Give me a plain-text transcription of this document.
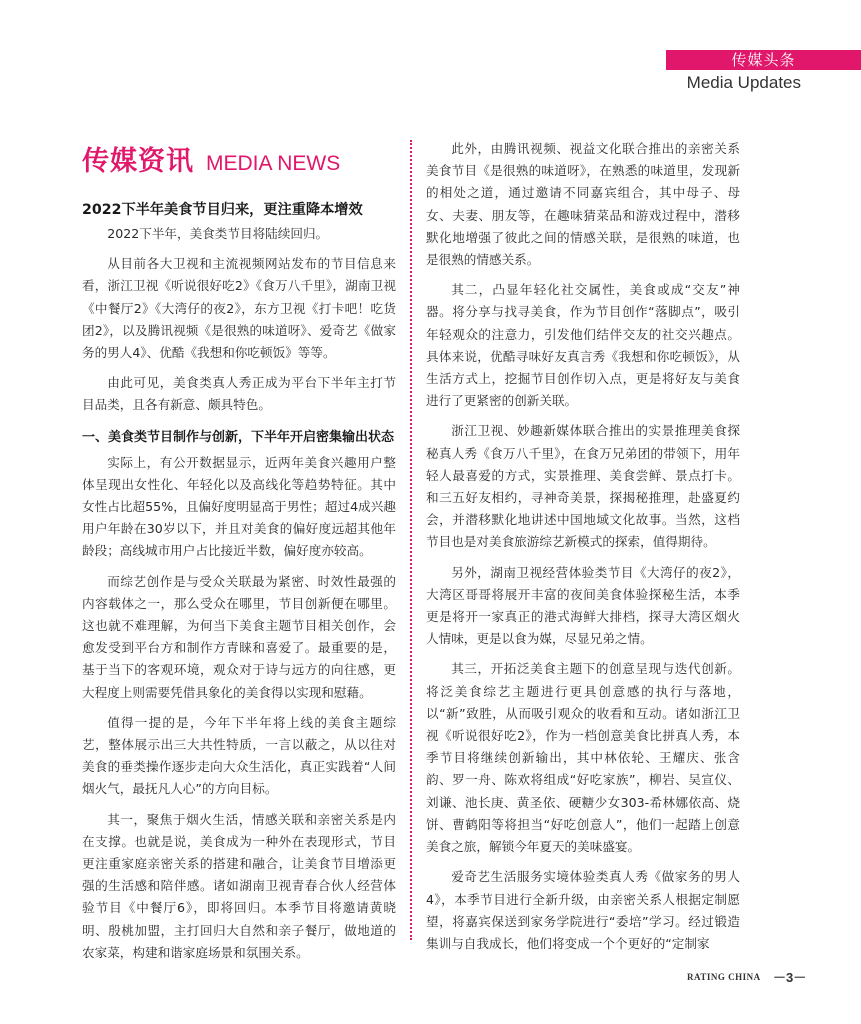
传媒头条
Media Updates
传媒资讯 MEDIA NEWS
2022下半年美食节目归来，更注重降本增效

2022下半年，美食类节目将陆续回归。

从目前各大卫视和主流视频网站发布的节目信息来看，浙江卫视《听说很好吃2》《食万八千里》，湖南卫视《中餐厅2》《大湾仔的夜2》，东方卫视《打卡吧！吃货团2》，以及腾讯视频《是很熟的味道呀》、爱奇艺《做家务的男人4》、优酷《我想和你吃顿饭》等等。

由此可见，美食类真人秀正成为平台下半年主打节目品类，且各有新意、颇具特色。

一、美食类节目制作与创新，下半年开启密集输出状态

实际上，有公开数据显示，近两年美食兴趣用户整体呈现出女性化、年轻化以及高线化等趋势特征。其中女性占比超55%，且偏好度明显高于男性；超过4成兴趣用户年龄在30岁以下，并且对美食的偏好度远超其他年龄段；高线城市用户占比接近半数，偏好度亦较高。

而综艺创作是与受众关联最为紧密、时效性最强的内容载体之一，那么受众在哪里，节目创新便在哪里。这也就不难理解，为何当下美食主题节目相关创作，会愈发受到平台方和制作方青睐和喜爱了。最重要的是，基于当下的客观环境，观众对于诗与远方的向往感，更大程度上则需要凭借具象化的美食得以实现和慰藉。

值得一提的是，今年下半年将上线的美食主题综艺，整体展示出三大共性特质，一言以蔽之，从以往对美食的垂类操作逐步走向大众生活化，真正实践着“人间烟火气，最抚凡人心”的方向目标。

其一，聚焦于烟火生活，情感关联和亲密关系是内在支撑。也就是说，美食成为一种外在表现形式，节目更注重家庭亲密关系的搭建和融合，让美食节目增添更强的生活感和陪伴感。诸如湖南卫视青春合伙人经营体验节目《中餐厅6》，即将回归。本季节目将邀请黄晓明、殷桃加盟，主打回归大自然和亲子餐厅，做地道的农家菜，构建和谐家庭场景和氛围关系。

此外，由腾讯视频、视益文化联合推出的亲密关系美食节目《是很熟的味道呀》，在熟悉的味道里，发现新的相处之道，通过邀请不同嘉宾组合，其中母子、母女、夫妻、朋友等，在趣味猜菜品和游戏过程中，潜移默化地增强了彼此之间的情感关联，是很熟的味道，也是很熟的情感关系。

其二，凸显年轻化社交属性，美食或成“交友”神器。将分享与找寻美食，作为节目创作“落脚点”，吸引年轻观众的注意力，引发他们结伴交友的社交兴趣点。具体来说，优酷寻味好友真言秀《我想和你吃顿饭》，从生活方式上，挖掘节目创作切入点，更是将好友与美食进行了更紧密的创新关联。

浙江卫视、妙趣新媒体联合推出的实景推理美食探秘真人秀《食万八千里》，在食万兄弟团的带领下，用年轻人最喜爱的方式，实景推理、美食尝鲜、景点打卡。和三五好友相约，寻神奇美景，探揭秘推理，赴盛夏约会，并潜移默化地讲述中国地域文化故事。当然，这档节目也是对美食旅游综艺新模式的探索，值得期待。

另外，湖南卫视经营体验类节目《大湾仔的夜2》，大湾区哥哥将展开丰富的夜间美食体验探秘生活，本季更是将开一家真正的港式海鲜大排档，探寻大湾区烟火人情味，更是以食为媒，尽显兄弟之情。

其三，开拓泛美食主题下的创意呈现与迭代创新。将泛美食综艺主题进行更具创意感的执行与落地，以“新”致胜，从而吸引观众的收看和互动。诸如浙江卫视《听说很好吃2》，作为一档创意美食比拼真人秀，本季节目将继续创新输出，其中林依轮、王耀庆、张含韵、罗一舟、陈欢将组成“好吃家族”，柳岩、吴宣仪、刘谦、池长庚、黄圣依、硬糖少女303-希林娜依高、烧饼、曹鹤阳等将担当“好吃创意人”，他们一起踏上创意美食之旅，解锁今年夏天的美味盛宴。

爱奇艺生活服务实境体验类真人秀《做家务的男人4》，本季节目进行全新升级，由亲密关系人根据定制愿望，将嘉宾保送到家务学院进行“委培”学习。经过锻造集训与自我成长，他们将变成一个个更好的“定制家

RATING CHINA －3－
